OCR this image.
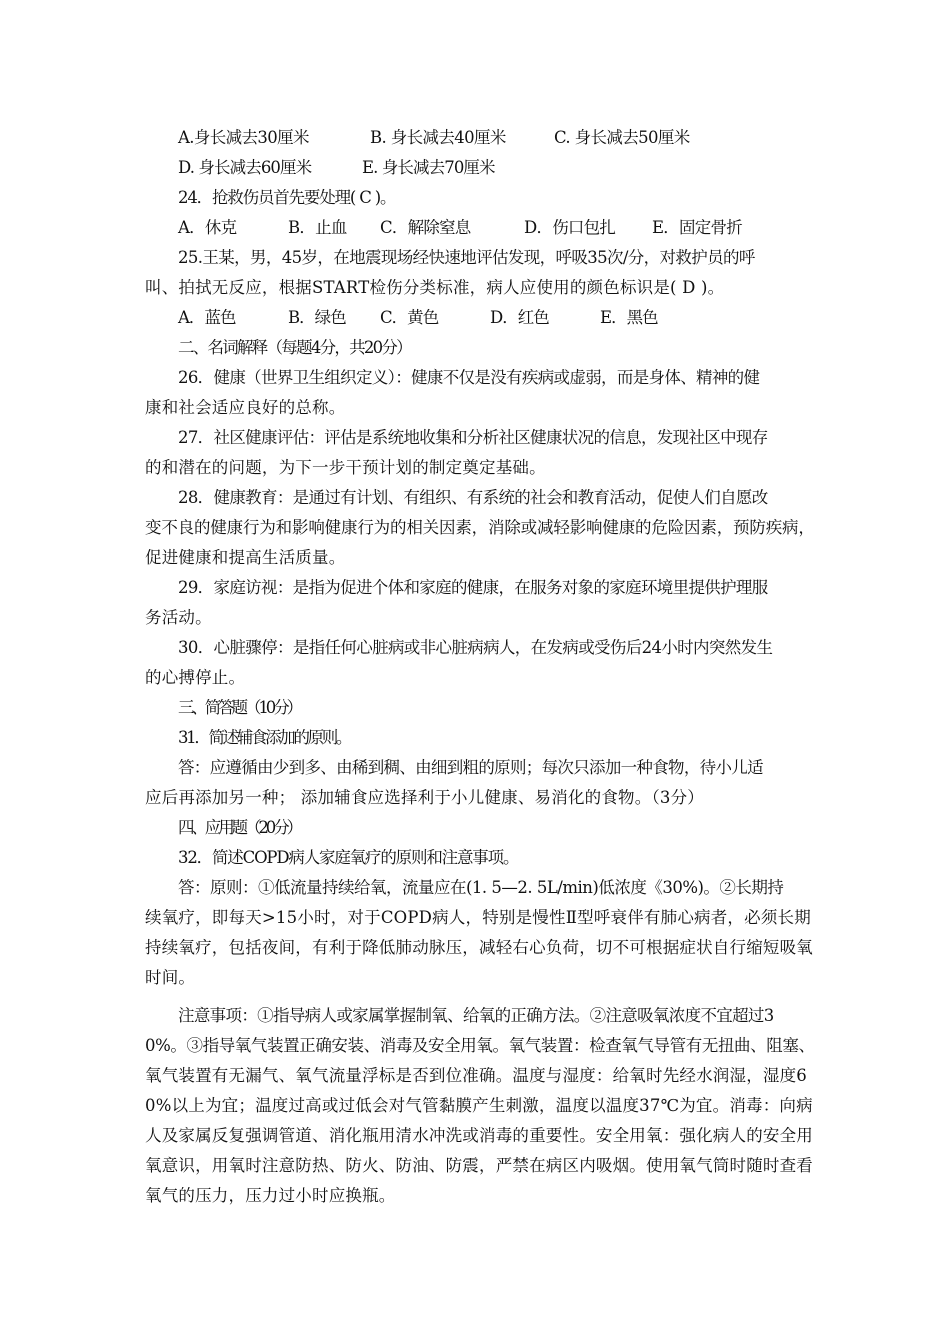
A.身长减去30厘米	B. 身长减去40厘米	C. 身长减去50厘米
D. 身长减去60厘米	E. 身长减去70厘米
24．抢救伤员首先要处理( C )。
A．休克	B．止血 C．解除窒息	D．伤口包扎 E．固定骨折
25.王某，男，45岁，在地震现场经快速地评估发现，呼吸35次/分，对救护员的呼
叫、拍拭无反应，根据START检伤分类标准，病人应使用的颜色标识是( D )。
A．蓝色	B．绿色 C．黄色	D．红色	E．黑色
二、名词解释（每题4分，共20分）
26．健康（世界卫生组织定义）：健康不仅是没有疾病或虚弱，而是身体、精神的健
康和社会适应良好的总称。
27．社区健康评估：评估是系统地收集和分析社区健康状况的信息，发现社区中现存
的和潜在的问题，为下一步干预计划的制定奠定基础。
28．健康教育：是通过有计划、有组织、有系统的社会和教育活动，促使人们自愿改
变不良的健康行为和影响健康行为的相关因素，消除或减轻影响健康的危险因素，预防疾病，
促进健康和提高生活质量。
29．家庭访视：是指为促进个体和家庭的健康，在服务对象的家庭环境里提供护理服
务活动。
30．心脏骤停：是指任何心脏病或非心脏病病人，在发病或受伤后24小时内突然发生
的心搏停止。
三、简答题（10分）
31．简述辅食添加的原则。
答：应遵循由少到多、由稀到稠、由细到粗的原则；每次只添加一种食物，待小儿适
应后再添加另一种； 添加辅食应选择利于小儿健康、易消化的食物。（3分）
四、应用题（20分）
32．简述COPD病人家庭氧疗的原则和注意事项。
答：原则：①低流量持续给氧，流量应在(1. 5—2. 5L/min)低浓度《30%)。②长期持
续氧疗，即每天>15小时，对于COPD病人，特别是慢性Ⅱ型呼衰伴有肺心病者，必须长期
持续氧疗，包括夜间，有利于降低肺动脉压，减轻右心负荷，切不可根据症状自行缩短吸氧
时间。
注意事项：①指导病人或家属掌握制氧、给氧的正确方法。②注意吸氧浓度不宜超过3
0%。③指导氧气装置正确安装、消毒及安全用氧。氧气装置：检查氧气导管有无扭曲、阻塞、
氧气装置有无漏气、氧气流量浮标是否到位准确。温度与湿度：给氧时先经水润湿，湿度6
0%以上为宜；温度过高或过低会对气管黏膜产生刺激，温度以温度37℃为宜。消毒：向病
人及家属反复强调管道、消化瓶用清水冲洗或消毒的重要性。安全用氧：强化病人的安全用
氧意识，用氧时注意防热、防火、防油、防震，严禁在病区内吸烟。使用氧气筒时随时查看
氧气的压力，压力过小时应换瓶。
